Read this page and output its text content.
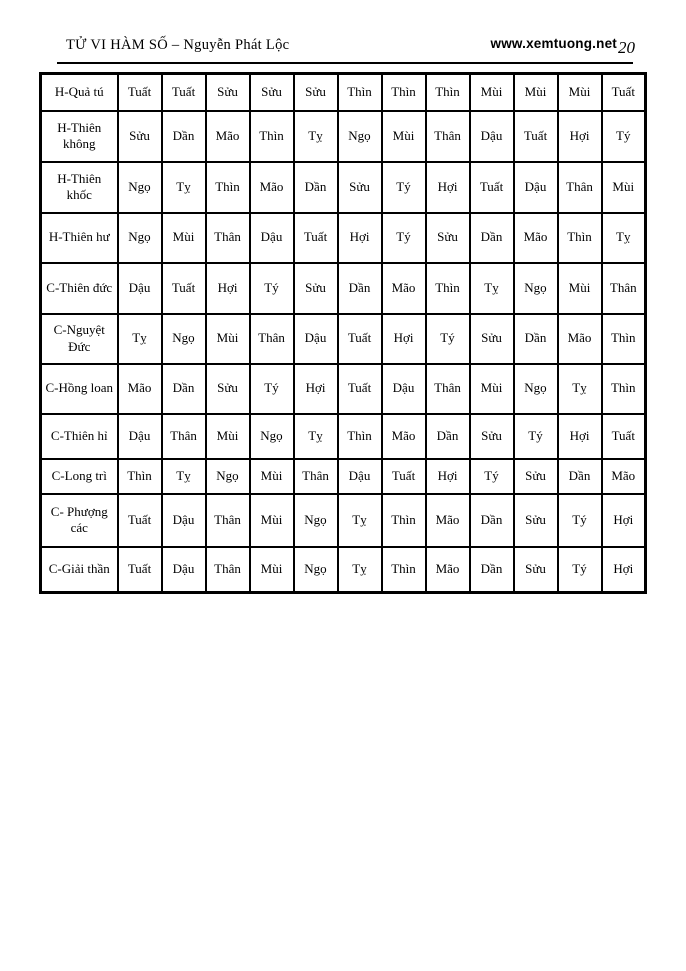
TỬ VI HÀM SỐ – Nguyễn Phát Lộc	www.xemtuong.net 20
H-Quả tú	Tuất	Tuất	Sửu	Sửu	Sửu	Thìn	Thìn	Thìn	Mùi	Mùi	Mùi	Tuất
H-Thiên không	Sửu	Dần	Mão	Thìn	Tỵ	Ngọ	Mùi	Thân	Dậu	Tuất	Hợi	Tý
H-Thiên khốc	Ngọ	Tỵ	Thìn	Mão	Dần	Sửu	Tý	Hợi	Tuất	Dậu	Thân	Mùi
H-Thiên hư	Ngọ	Mùi	Thân	Dậu	Tuất	Hợi	Tý	Sửu	Dần	Mão	Thìn	Tỵ
C-Thiên đức	Dậu	Tuất	Hợi	Tý	Sửu	Dần	Mão	Thìn	Tỵ	Ngọ	Mùi	Thân
C-Nguyệt Đức	Tỵ	Ngọ	Mùi	Thân	Dậu	Tuất	Hợi	Tý	Sửu	Dần	Mão	Thìn
C-Hồng loan	Mão	Dần	Sửu	Tý	Hợi	Tuất	Dậu	Thân	Mùi	Ngọ	Tỵ	Thìn
C-Thiên hỉ	Dậu	Thân	Mùi	Ngọ	Tỵ	Thìn	Mão	Dần	Sửu	Tý	Hợi	Tuất
C-Long trì	Thìn	Tỵ	Ngọ	Mùi	Thân	Dậu	Tuất	Hợi	Tý	Sửu	Dần	Mão
C- Phượng các	Tuất	Dậu	Thân	Mùi	Ngọ	Tỵ	Thìn	Mão	Dần	Sửu	Tý	Hợi
C-Giải thần	Tuất	Dậu	Thân	Mùi	Ngọ	Tỵ	Thìn	Mão	Dần	Sửu	Tý	Hợi
